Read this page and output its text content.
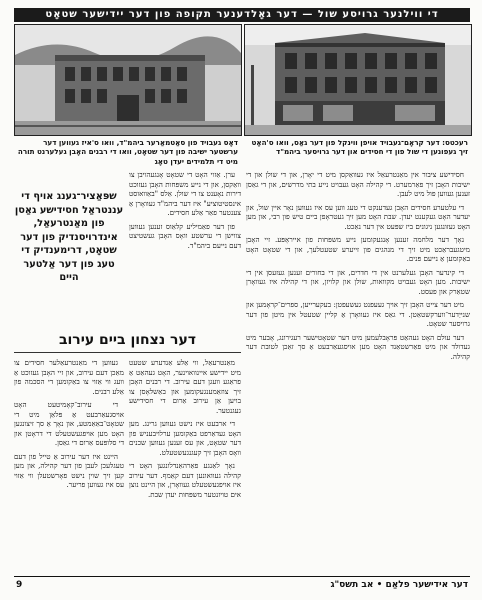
די ווילנער גרויסע שול — דער גאָלדענער תקופה פון דער יידישער שטאָט
דאָס געבויד פון סאַטמאַרער ביהמ"ד, וואו ס'איז געווען דער ערשטער ישיבה פון דער שטאָט, וואו די רבנים האָבן געלערנט תורה מיט די תלמידים יעדן טאָג
רעכטס: דער קראָם־געבויד אויפן ווינקל פון דער גאַס, וואו ס'האָט זיך געפונען די שול פון די חסידים און דער גרויסער ביהמ"ד

חסידישע ציבור אין מאַנטרעאַל איז געוואַקסן מיט די יאָרן, און די שולן און די ישיבות האָבן זיך פאַרמערט. די קהילה האָט געבויט נייע בתי מדרשים, און די גאַסן זענען געווען פול מיט לעבן.

די עלטערע חסידים האָבן געדענקט די טעג ווען עס איז געווען נאָר איין שול, און יעדער האָט געקענט יעדן. שבת האָט מען זיך געטראָפן ביים טיש פון רבי, און מען האָט געזונגען ניגונים ביז שפּעט אין דער נאַכט.

נאָך דער מלחמה זענען אָנגעקומען נייע משפּחות פון אייראָפּע. זיי האָבן מיטגעבראַכט מיט זיך די מנהגים פון זייערע שטעטלעך, און די שטאָט האָט באַקומען אַ נייעם פּנים.

די קינדער האָבן געלערנט אין די חדרים, און די בחורים זענען געזעסן אין די ישיבות. מען האָט געבויט מקוואות, שולן און קלויזן, און די קהילה איז געוואָרן שטאַרק און פעסט.

מיט דער צייט האָבן זיך אויך געעפנט געשעפטן: בעקערייען, ספרים־קראָמען און שנייַדער־ווערקשטאַטן. די גאַס איז געוואָרן אַ קליין שטעטל אין מיטן פון דער גרויסער שטאָט.

דער עולם האָט געהאַט פּראָבלעמען מיט דער שטאָטישער רעגירונג, אָבער מיט געדולד און מיט פאַרשטאַנד האָט מען אויסגעאַרבעט אַ סך זאַכן לטובת דער קהילה.

ערן. אַזוי האָט די שטאָט אָנגעהויבן צו וואַקסן, און די נייע משפּחות האָבן געזוכט דירות נאָענט צו די שולן. אַלס "באַוואוסט אינסטיטוציע" איז דער ביהמ"ד געוואָרן אַ צענטער פאַר אַלע חסידים.

פון דער פאַמיליע קלאַוס זענען געווען צווישן די ערשטע וואָס האָבן געשטיצט דעם נייעם ביהמ"ד.

שפּאַציר־גענג אויף די עננטראַל חסידישע גאַסן פון מאַנטרעאַל, אינדרויסנדיק פון דער שטאָט, דרימענדיק די טעג פון דער אַלטער היים
דער נצחון ביים עירוב

מאַנטרעאַל, ווי אַלע אַנדערע שטעט מיט יידישע איינוואוינער, האָט געהאַט אַ פראַגע וועגן דעם עירוב. די רבנים האָבן זיך צוזאַמענגעקומען און באַשלאָסן צו בויען אַן עירוב אַרום די חסידישע געגנטער.

די ארבעט איז נישט געווען גרינג. מען האָט געדאַרפט באַקומען ערלויבעניש פון דער שטאָט, און עס זענען געווען שכנים וואָס האָבן זיך קעגנגעשטעלט.

נאָך לאַנגע פאַרהאַנדלונגען האָט די קהילה געוואונען דעם קאַמף. דער עירוב איז אויפגעשטעלט געוואָרן, און היינט נוצן אים טויזנטער משפּחות יעדן שבת.

געווען די מאַנטרעאַלער חסידים צו מאַכן דעם עירוב, און זיי האָבן געזוכט אַ וועג ווי אַזוי צו באַקומען די הסכמה פון אַלע רבנים.

די עירוב־קאָמיטעט האָט אויסגעאַרבעט אַ פּלאַן מיט די שטאָט־באַאַמטע, און נאָך אַ סך זיצונגען האָט מען אויפגעשטעלט די דראָטן און די סלופּעס אַרום די גאַסן.

היינט איז דער עירוב אַ טייל פון דעם טעגלעכן לעבן פון דער קהילה, און מען קען זיך שוין נישט פאָרשטעלן ווי אַזוי עס איז געווען פריער.

9	דער אידישער פלאַם • אב תשס"ג
